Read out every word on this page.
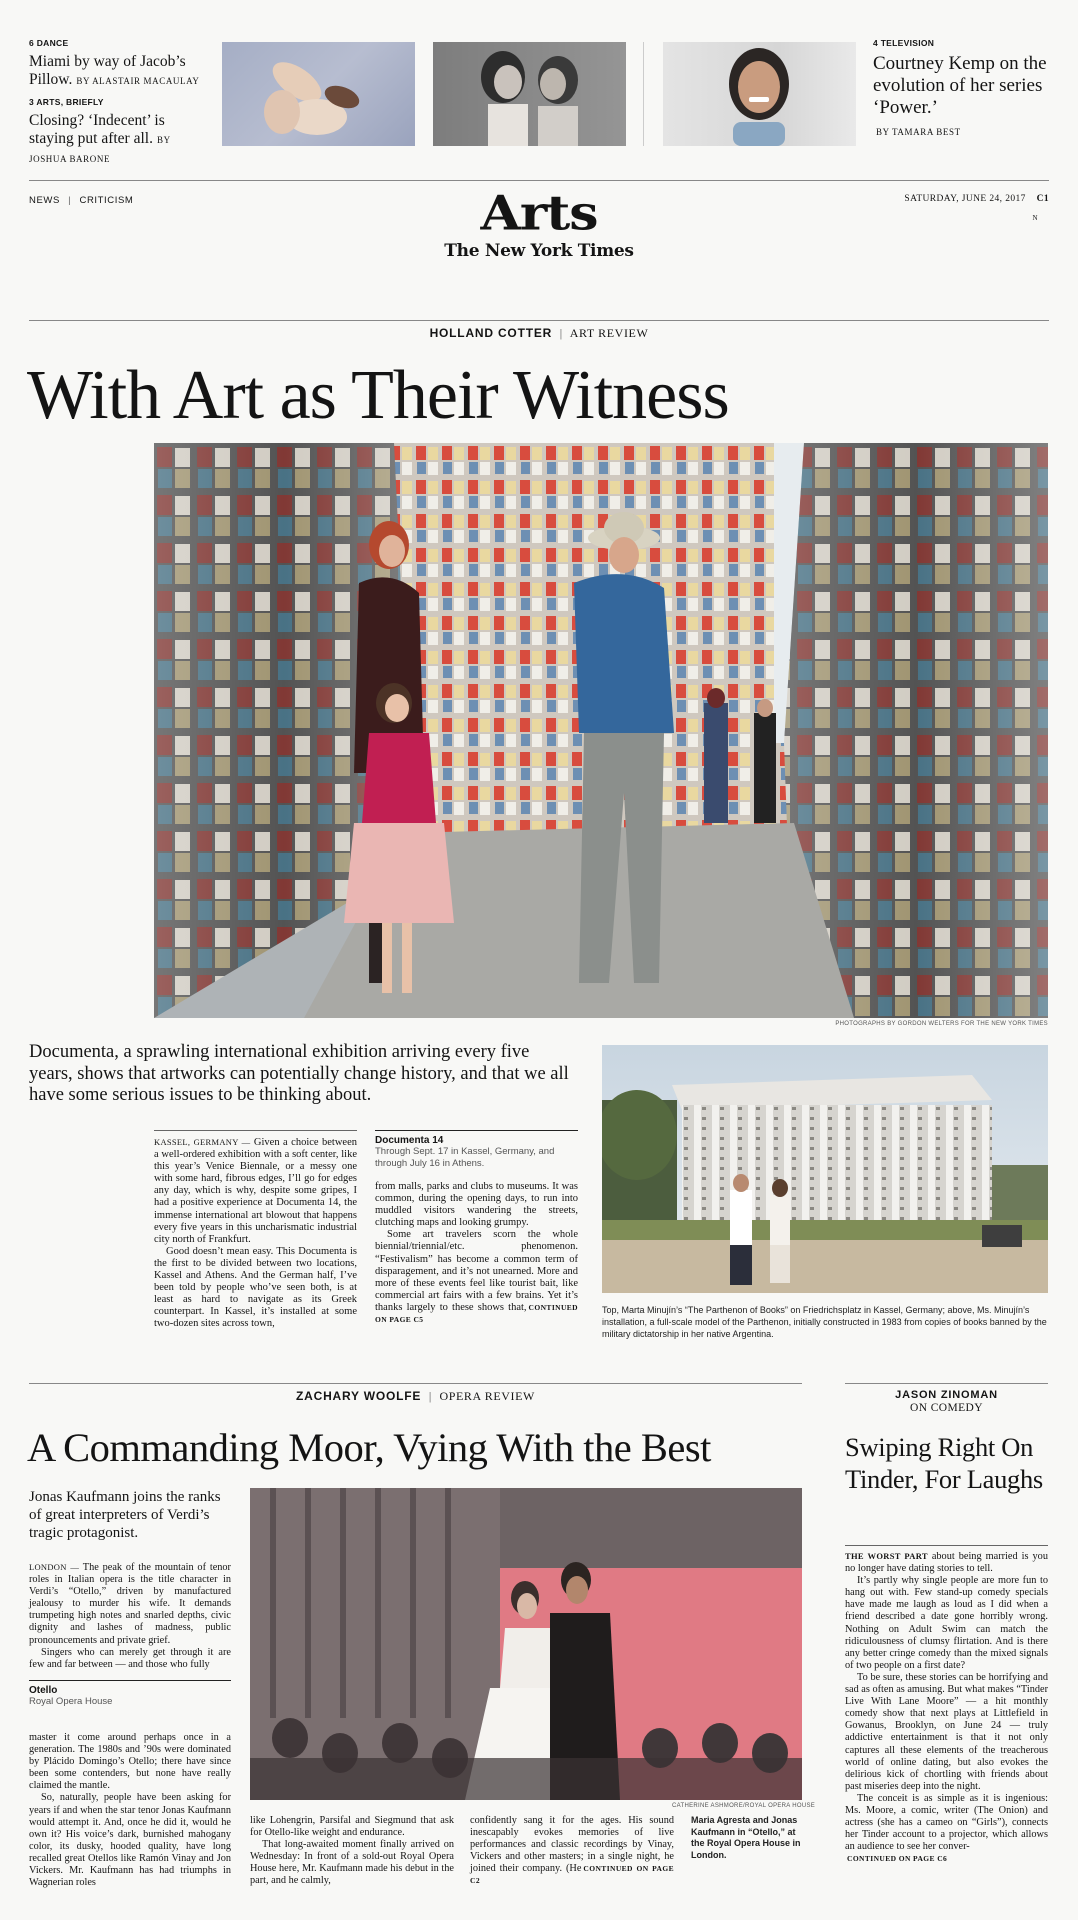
6 DANCE
Miami by way of Jacob’s Pillow. BY ALASTAIR MACAULAY
3 ARTS, BRIEFLY
Closing? ‘Indecent’ is staying put after all. BY JOSHUA BARONE
4 TELEVISION
Courtney Kemp on the evolution of her series ‘Power.’
BY TAMARA BEST
NEWS | CRITICISM	Arts
The New York Times
SATURDAY, JUNE 24, 2017 C1
N
HOLLAND COTTER | ART REVIEW
With Art as Their Witness
PHOTOGRAPHS BY GORDON WELTERS FOR THE NEW YORK TIMES
Documenta, a sprawling international exhibition arriving every five years, shows that artworks can potentially change history, and that we all have some serious issues to be thinking about.

KASSEL, GERMANY — Given a choice between a well-ordered exhibition with a soft center, like this year’s Venice Biennale, or a messy one with some hard, fibrous edges, I’ll go for edges any day, which is why, despite some gripes, I had a positive experience at Documenta 14, the immense international art blowout that happens every five years in this uncharismatic industrial city north of Frankfurt.

Good doesn’t mean easy. This Documenta is the first to be divided between two locations, Kassel and Athens. And the German half, I’ve been told by people who’ve seen both, is at least as hard to navigate as its Greek counterpart. In Kassel, it’s installed at some two-dozen sites across town,

Documenta 14
Through Sept. 17 in Kassel, Germany, and through July 16 in Athens.

from malls, parks and clubs to museums. It was common, during the opening days, to run into muddled visitors wandering the streets, clutching maps and looking grumpy.

Some art travelers scorn the whole biennial/triennial/etc. phenomenon. “Festivalism” has become a common term of disparagement, and it’s not unearned. More and more of these events feel like tourist bait, like commercial art fairs with a few brains. Yet it’s thanks largely to these shows that, CONTINUED ON PAGE C5

Top, Marta Minujín’s “The Parthenon of Books” on Friedrichsplatz in Kassel, Germany; above, Ms. Minujín’s installation, a full-scale model of the Parthenon, initially constructed in 1983 from copies of books banned by the military dictatorship in her native Argentina.
ZACHARY WOOLFE | OPERA REVIEW
A Commanding Moor, Vying With the Best
Jonas Kaufmann joins the ranks of great interpreters of Verdi’s tragic protagonist.

LONDON — The peak of the mountain of tenor roles in Italian opera is the title character in Verdi’s “Otello,” driven by manufactured jealousy to murder his wife. It demands trumpeting high notes and snarled depths, civic dignity and lashes of madness, public pronouncements and private grief.

Singers who can merely get through it are few and far between — and those who fully

Otello
Royal Opera House

master it come around perhaps once in a generation. The 1980s and ’90s were dominated by Plácido Domingo’s Otello; there have since been some contenders, but none have really claimed the mantle.

So, naturally, people have been asking for years if and when the star tenor Jonas Kaufmann would attempt it. And, once he did it, would he own it? His voice’s dark, burnished mahogany color, its dusky, hooded quality, have long recalled great Otellos like Ramón Vinay and Jon Vickers. Mr. Kaufmann has had triumphs in Wagnerian roles

CATHERINE ASHMORE/ROYAL OPERA HOUSE

like Lohengrin, Parsifal and Siegmund that ask for Otello-like weight and endurance.

That long-awaited moment finally arrived on Wednesday: In front of a sold-out Royal Opera House here, Mr. Kaufmann made his debut in the part, and he calmly,

confidently sang it for the ages. His sound inescapably evokes memories of live performances and classic recordings by Vinay, Vickers and other masters; in a single night, he joined their company. (He CONTINUED ON PAGE C2

Maria Agresta and Jonas Kaufmann in “Otello,” at the Royal Opera House in London.
JASON ZINOMAN
ON COMEDY
Swiping Right On Tinder, For Laughs

THE WORST PART about being married is you no longer have dating stories to tell.

It’s partly why single people are more fun to hang out with. Few stand-up comedy specials have made me laugh as loud as I did when a friend described a date gone horribly wrong. Nothing on Adult Swim can match the ridiculousness of clumsy flirtation. And is there any better cringe comedy than the mixed signals of two people on a first date?

To be sure, these stories can be horrifying and sad as often as amusing. But what makes “Tinder Live With Lane Moore” — a hit monthly comedy show that next plays at Littlefield in Gowanus, Brooklyn, on June 24 — truly addictive entertainment is that it not only captures all these elements of the treacherous world of online dating, but also evokes the delirious kick of chortling with friends about past miseries deep into the night.

The conceit is as simple as it is ingenious: Ms. Moore, a comic, writer (The Onion) and actress (she has a cameo on “Girls”), connects her Tinder account to a projector, which allows an audience to see her conver-

CONTINUED ON PAGE C6
